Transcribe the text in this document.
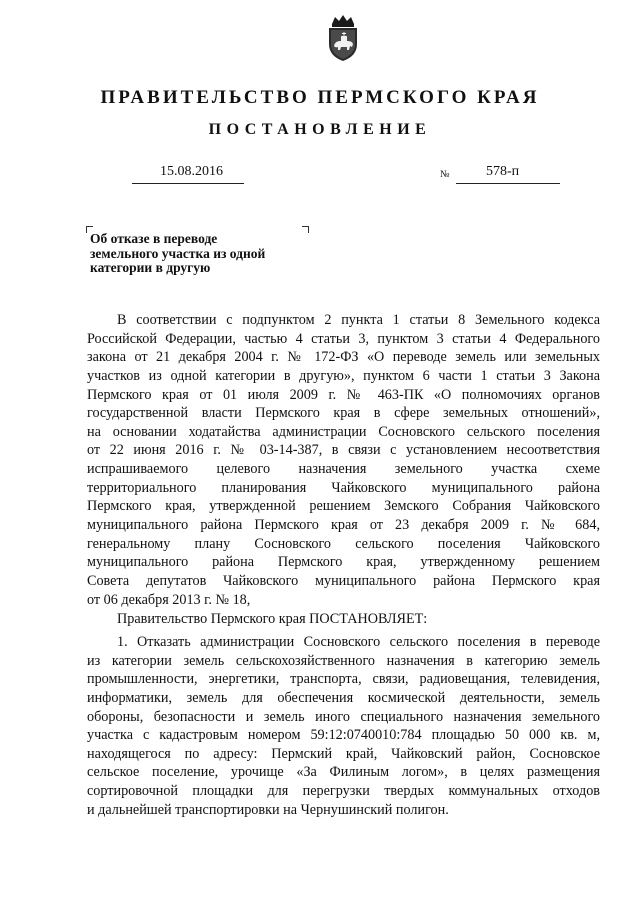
ПРАВИТЕЛЬСТВО ПЕРМСКОГО КРАЯ
ПОСТАНОВЛЕНИЕ
15.08.2016	№	578-п
Об отказе в переводе
земельного участка из одной
категории в другую
В соответствии с подпунктом 2 пункта 1 статьи 8 Земельного кодекса
Российской Федерации, частью 4 статьи 3, пунктом 3 статьи 4 Федерального
закона от 21 декабря 2004 г. № 172-ФЗ «О переводе земель или земельных
участков из одной категории в другую», пунктом 6 части 1 статьи 3 Закона
Пермского края от 01 июля 2009 г. № 463-ПК «О полномочиях органов
государственной власти Пермского края в сфере земельных отношений»,
на основании ходатайства администрации Сосновского сельского поселения
от 22 июня 2016 г. № 03-14-387, в связи с установлением несоответствия
испрашиваемого целевого назначения земельного участка схеме
территориального планирования Чайковского муниципального района
Пермского края, утвержденной решением Земского Собрания Чайковского
муниципального района Пермского края от 23 декабря 2009 г. № 684,
генеральному плану Сосновского сельского поселения Чайковского
муниципального района Пермского края, утвержденному решением
Совета депутатов Чайковского муниципального района Пермского края
от 06 декабря 2013 г. № 18,
Правительство Пермского края ПОСТАНОВЛЯЕТ:
1. Отказать администрации Сосновского сельского поселения в переводе
из категории земель сельскохозяйственного назначения в категорию земель
промышленности, энергетики, транспорта, связи, радиовещания, телевидения,
информатики, земель для обеспечения космической деятельности, земель
обороны, безопасности и земель иного специального назначения земельного
участка с кадастровым номером 59:12:0740010:784 площадью 50 000 кв. м,
находящегося по адресу: Пермский край, Чайковский район, Сосновское
сельское поселение, урочище «За Филиным логом», в целях размещения
сортировочной площадки для перегрузки твердых коммунальных отходов
и дальнейшей транспортировки на Чернушинский полигон.
